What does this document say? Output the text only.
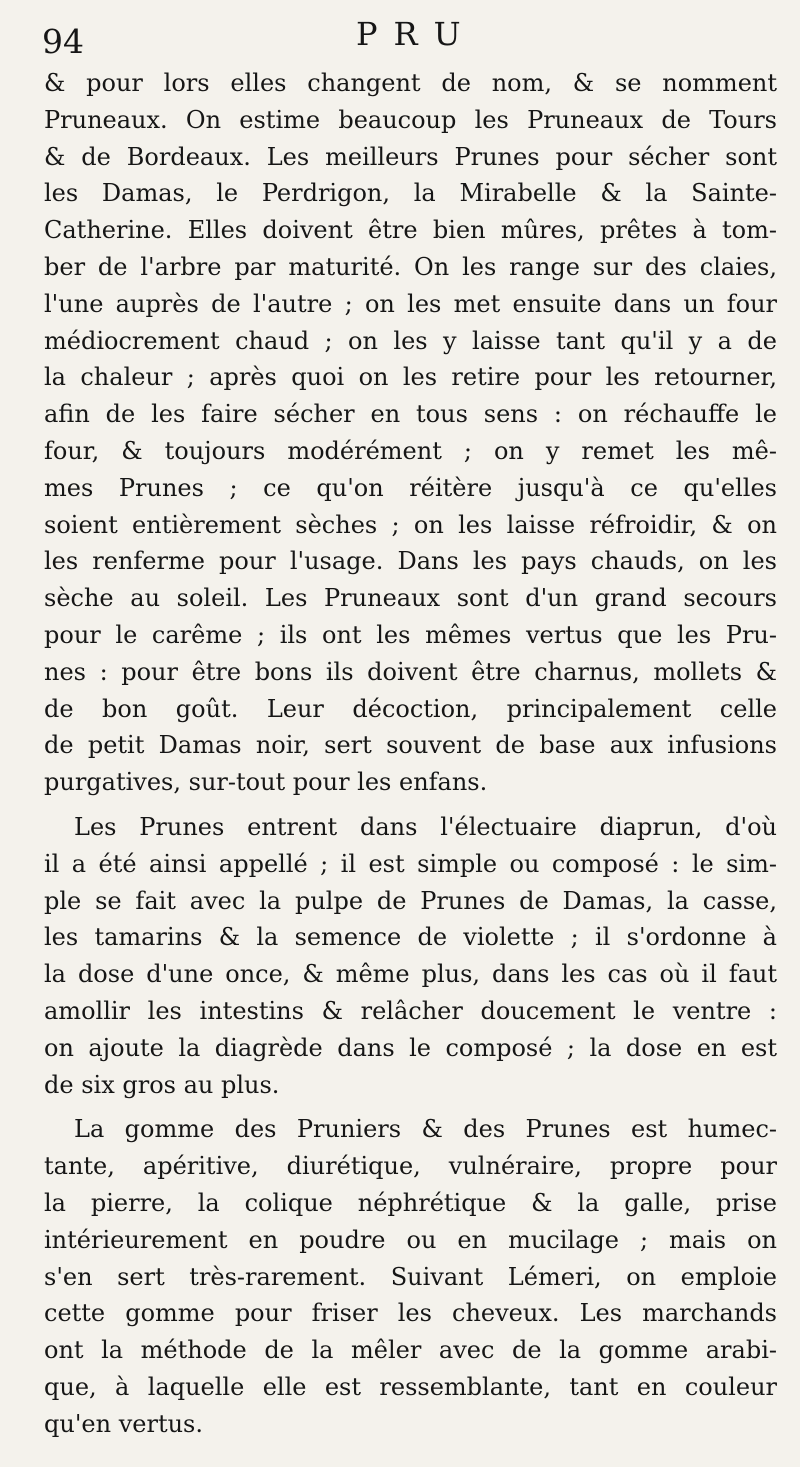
94	PRU
& pour lors elles changent de nom, & se nomment
Pruneaux. On estime beaucoup les Pruneaux de Tours
& de Bordeaux. Les meilleurs Prunes pour sécher sont
les Damas, le Perdrigon, la Mirabelle & la Sainte-
Catherine. Elles doivent être bien mûres, prêtes à tom-
ber de l'arbre par maturité. On les range sur des claies,
l'une auprès de l'autre ; on les met ensuite dans un four
médiocrement chaud ; on les y laisse tant qu'il y a de
la chaleur ; après quoi on les retire pour les retourner,
afin de les faire sécher en tous sens : on réchauffe le
four, & toujours modérément ; on y remet les mê-
mes Prunes ; ce qu'on réitère jusqu'à ce qu'elles
soient entièrement sèches ; on les laisse réfroidir, & on
les renferme pour l'usage. Dans les pays chauds, on les
sèche au soleil. Les Pruneaux sont d'un grand secours
pour le carême ; ils ont les mêmes vertus que les Pru-
nes : pour être bons ils doivent être charnus, mollets &
de bon goût. Leur décoction, principalement celle
de petit Damas noir, sert souvent de base aux infusions
purgatives, sur-tout pour les enfans.
Les Prunes entrent dans l'électuaire diaprun, d'où
il a été ainsi appellé ; il est simple ou composé : le sim-
ple se fait avec la pulpe de Prunes de Damas, la casse,
les tamarins & la semence de violette ; il s'ordonne à
la dose d'une once, & même plus, dans les cas où il faut
amollir les intestins & relâcher doucement le ventre :
on ajoute la diagrède dans le composé ; la dose en est
de six gros au plus.
La gomme des Pruniers & des Prunes est humec-
tante, apéritive, diurétique, vulnéraire, propre pour
la pierre, la colique néphrétique & la galle, prise
intérieurement en poudre ou en mucilage ; mais on
s'en sert très-rarement. Suivant Lémeri, on emploie
cette gomme pour friser les cheveux. Les marchands
ont la méthode de la mêler avec de la gomme arabi-
que, à laquelle elle est ressemblante, tant en couleur
qu'en vertus.
